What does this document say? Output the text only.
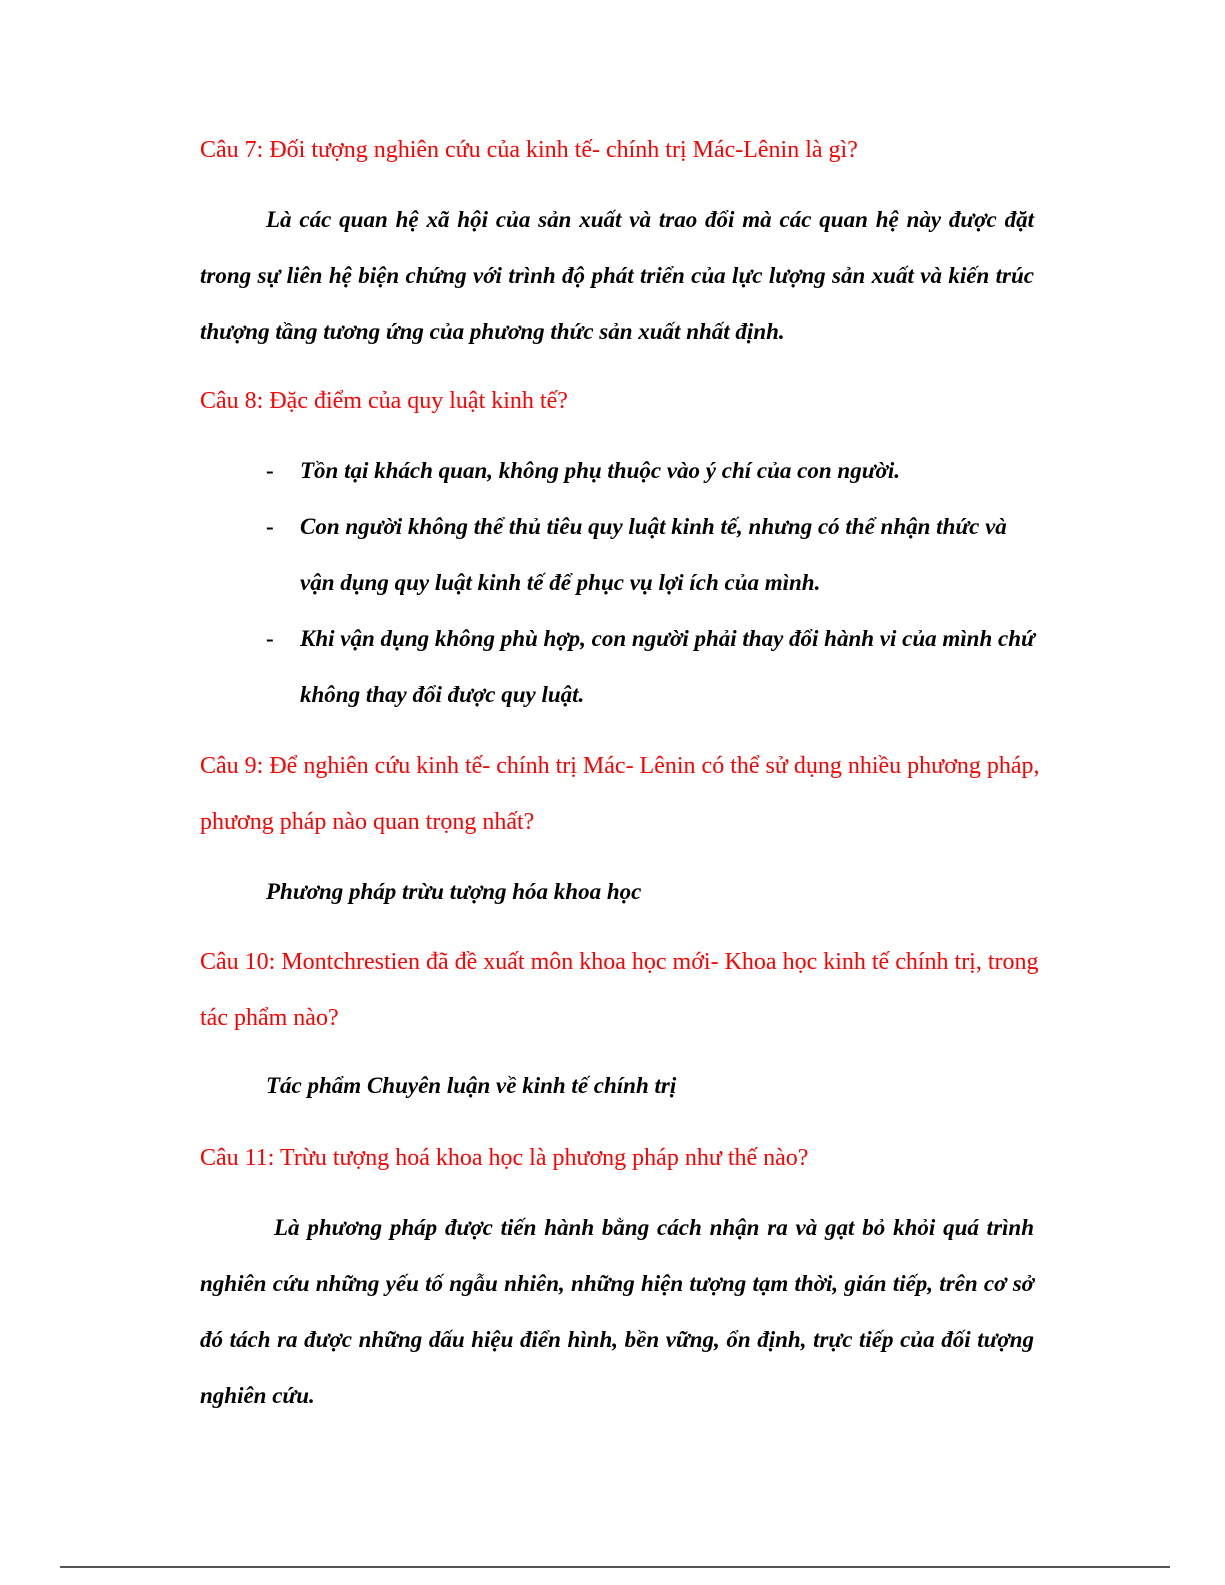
Câu 7: Đối tượng nghiên cứu của kinh tế- chính trị Mác-Lênin là gì?

Là các quan hệ xã hội của sản xuất và trao đổi mà các quan hệ này được đặt trong sự liên hệ biện chứng với trình độ phát triển của lực lượng sản xuất và kiến trúc thượng tầng tương ứng của phương thức sản xuất nhất định.

Câu 8: Đặc điểm của quy luật kinh tế?

- Tồn tại khách quan, không phụ thuộc vào ý chí của con người.
- Con người không thể thủ tiêu quy luật kinh tế, nhưng có thể nhận thức và vận dụng quy luật kinh tế để phục vụ lợi ích của mình.
- Khi vận dụng không phù hợp, con người phải thay đổi hành vi của mình chứ không thay đổi được quy luật.

Câu 9: Để nghiên cứu kinh tế- chính trị Mác- Lênin có thể sử dụng nhiều phương pháp, phương pháp nào quan trọng nhất?

Phương pháp trừu tượng hóa khoa học

Câu 10: Montchrestien đã đề xuất môn khoa học mới- Khoa học kinh tế chính trị, trong tác phẩm nào?

Tác phẩm Chuyên luận về kinh tế chính trị

Câu 11: Trừu tượng hoá khoa học là phương pháp như thế nào?

Là phương pháp được tiến hành bằng cách nhận ra và gạt bỏ khỏi quá trình nghiên cứu những yếu tố ngẫu nhiên, những hiện tượng tạm thời, gián tiếp, trên cơ sở đó tách ra được những dấu hiệu điển hình, bền vững, ổn định, trực tiếp của đối tượng nghiên cứu.
